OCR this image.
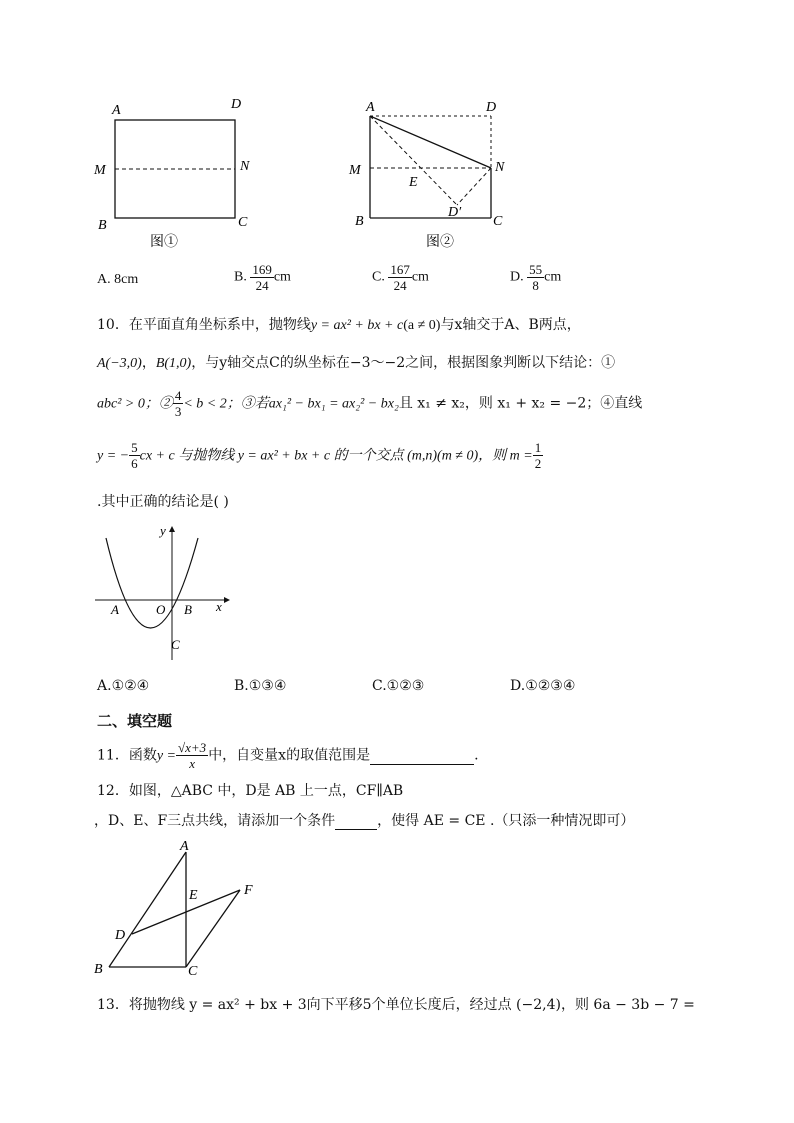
A	D
M	N
B	C
图①
A	D
M	N
E
D′
B	C
图②
A. 8cm	B. $\frac{169}{24}$ cm	C. $\frac{167}{24}$ cm	D. $\frac{55}{8}$ cm
10．在平面直角坐标系中，抛物线y = ax² + bx + c(a ≠ 0)与x轴交于A、B两点，
A(−3,0)，B(1,0)，与y轴交点C的纵坐标在−3～−2之间，根据图象判断以下结论：①
abc² > 0；② $\frac{4}{3} < b < 2$；③若ax₁² − bx₁ = ax₂² − bx₂且 x₁ ≠ x₂，则 x₁ + x₂ = −2；④直线
y = − $\frac{5}{6}$ cx + c 与抛物线 y = ax² + bx + c 的一个交点 (m,n)(m ≠ 0)，则 $m = \frac{1}{2}$
.其中正确的结论是( )
y
x
A	O B
C
A.①②④	B.①③④	C.①②③	D.①②③④
二、填空题
11．函数$y = \frac{√x+3}{x}$ 中，自变量x的取值范围是	.
12．如图，△ABC 中，D是 AB 上一点，CF∥AB
，D、E、F三点共线，请添加一个条件	，使得 AE = CE .（只添一种情况即可）
A
E	F
D
B	C
13．将抛物线 y = ax² + bx + 3向下平移5个单位长度后，经过点 (−2,4)，则 6a − 3b − 7 =
